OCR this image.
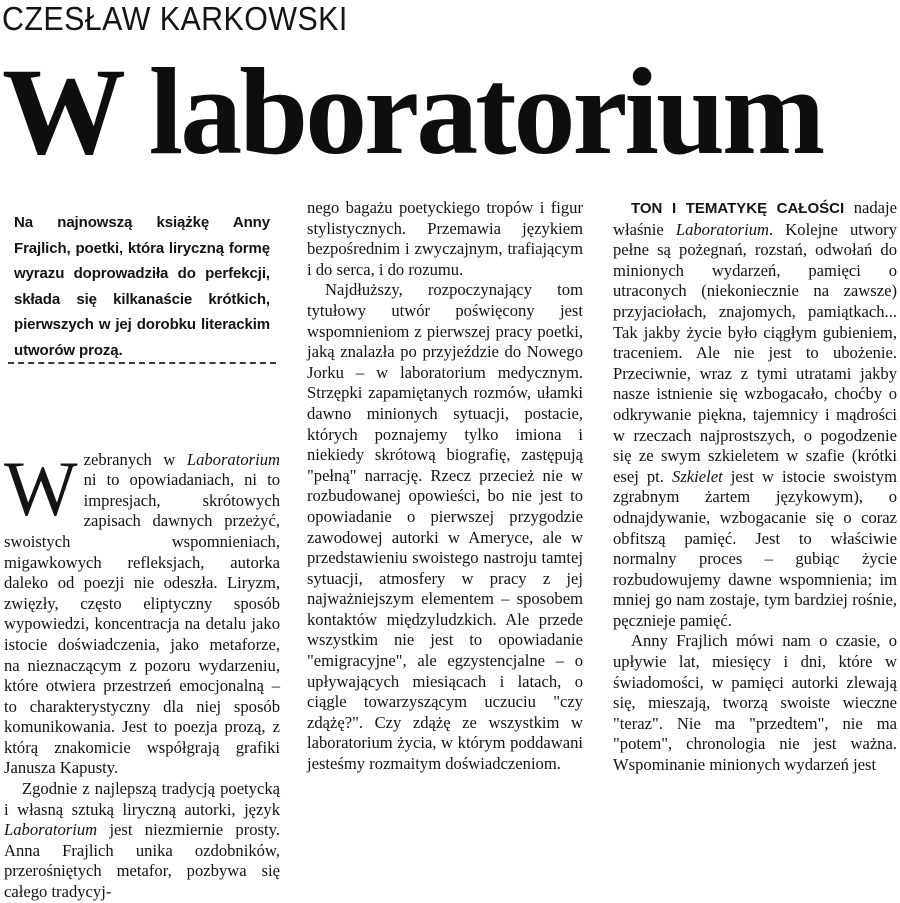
CZESŁAW KARKOWSKI
W laboratorium
Na najnowszą książkę Anny Frajlich, poetki, która liryczną formę wyrazu doprowadziła do perfekcji, składa się kilkanaście krótkich, pierwszych w jej dorobku literackim utworów prozą.

Wzebranych w Laboratorium ni to opowiadaniach, ni to impresjach, skrótowych zapisach dawnych przeżyć, swoistych wspomnieniach, migawkowych refleksjach, autorka daleko od poezji nie odeszła. Liryzm, zwięzły, często eliptyczny sposób wypowiedzi, koncentracja na detalu jako istocie doświadczenia, jako metaforze, na nieznaczącym z pozoru wydarzeniu, które otwiera przestrzeń emocjonalną – to charakterystyczny dla niej sposób komunikowania. Jest to poezja prozą, z którą znakomicie współgrają grafiki Janusza Kapusty.

Zgodnie z najlepszą tradycją poetycką i własną sztuką liryczną autorki, język Laboratorium jest niezmiernie prosty. Anna Frajlich unika ozdobników, przerośniętych metafor, pozbywa się całego tradycyj-

nego bagażu poetyckiego tropów i figur stylistycznych. Przemawia językiem bezpośrednim i zwyczajnym, trafiającym i do serca, i do rozumu.

Najdłuższy, rozpoczynający tom tytułowy utwór poświęcony jest wspomnieniom z pierwszej pracy poetki, jaką znalazła po przyjeździe do Nowego Jorku – w laboratorium medycznym. Strzępki zapamiętanych rozmów, ułamki dawno minionych sytuacji, postacie, których poznajemy tylko imiona i niekiedy skrótową biografię, zastępują "pełną" narrację. Rzecz przecież nie w rozbudowanej opowieści, bo nie jest to opowiadanie o pierwszej przygodzie zawodowej autorki w Ameryce, ale w przedstawieniu swoistego nastroju tamtej sytuacji, atmosfery w pracy z jej najważniejszym elementem – sposobem kontaktów międzyludzkich. Ale przede wszystkim nie jest to opowiadanie "emigracyjne", ale egzystencjalne – o upływających miesiącach i latach, o ciągle towarzyszącym uczuciu "czy zdążę?". Czy zdążę ze wszystkim w laboratorium życia, w którym poddawani jesteśmy rozmaitym doświadczeniom.

TON I TEMATYKĘ CAŁOŚCI nadaje właśnie Laboratorium. Kolejne utwory pełne są pożegnań, rozstań, odwołań do minionych wydarzeń, pamięci o utraconych (niekoniecznie na zawsze) przyjaciołach, znajomych, pamiątkach... Tak jakby życie było ciągłym gubieniem, traceniem. Ale nie jest to ubożenie. Przeciwnie, wraz z tymi utratami jakby nasze istnienie się wzbogacało, choćby o odkrywanie piękna, tajemnicy i mądrości w rzeczach najprostszych, o pogodzenie się ze swym szkieletem w szafie (krótki esej pt. Szkielet jest w istocie swoistym zgrabnym żartem językowym), o odnajdywanie, wzbogacanie się o coraz obfitszą pamięć. Jest to właściwie normalny proces – gubiąc życie rozbudowujemy dawne wspomnienia; im mniej go nam zostaje, tym bardziej rośnie, pęcznieje pamięć.

Anny Frajlich mówi nam o czasie, o upływie lat, miesięcy i dni, które w świadomości, w pamięci autorki zlewają się, mieszają, tworzą swoiste wieczne "teraz". Nie ma "przedtem", nie ma "potem", chronologia nie jest ważna. Wspominanie minionych wydarzeń jest
